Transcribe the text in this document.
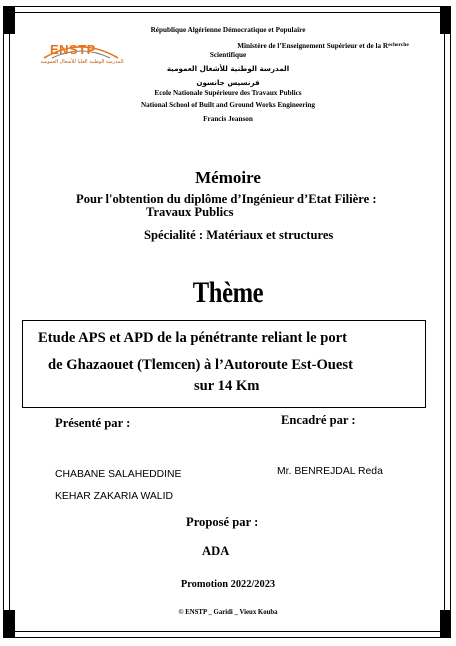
ENSTP
المدرسة الوطنية العليا للأشغال العمومية
République Algérienne Démocratique et Populaire
Ministère de l’Enseignement Supérieur et de la $R^{echerche}$
Scientifique
المدرسة الوطنية للأشغال العمومية
فرنسيس جانسون
Ecole Nationale Supérieure des Travaux Publics
National School of Built and Ground Works Engineering
Francis Jeanson
Mémoire
Pour l'obtention du diplôme d’Ingénieur d’Etat Filière :
Travaux Publics
Spécialité : Matériaux et structures
Thème
Etude APS et APD de la pénétrante reliant le port
de Ghazaouet (Tlemcen) à l’Autoroute Est-Ouest
sur 14 Km
Présenté par :	Encadré par :
CHABANE SALAHEDDINE
KEHAR ZAKARIA WALID
Mr. BENREJDAL Reda
Proposé par :
ADA
Promotion 2022/2023
© ENSTP _ Garidi _ Vieux Kouba
